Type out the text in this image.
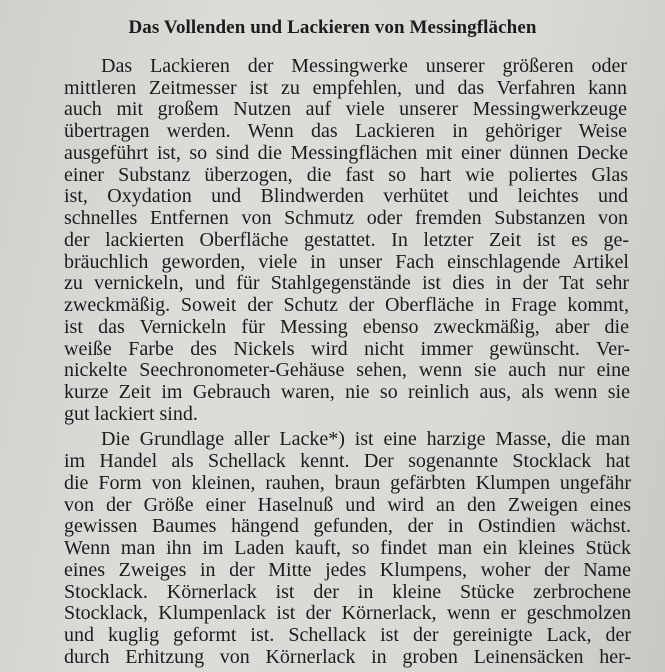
Das Vollenden und Lackieren von Messingflächen
Das Lackieren der Messingwerke unserer größeren oder
mittleren Zeitmesser ist zu empfehlen, und das Verfahren kann
auch mit großem Nutzen auf viele unserer Messingwerkzeuge
übertragen werden. Wenn das Lackieren in gehöriger Weise
ausgeführt ist, so sind die Messingflächen mit einer dünnen Decke
einer Substanz überzogen, die fast so hart wie poliertes Glas
ist, Oxydation und Blindwerden verhütet und leichtes und
schnelles Entfernen von Schmutz oder fremden Substanzen von
der lackierten Oberfläche gestattet. In letzter Zeit ist es ge-
bräuchlich geworden, viele in unser Fach einschlagende Artikel
zu vernickeln, und für Stahlgegenstände ist dies in der Tat sehr
zweckmäßig. Soweit der Schutz der Oberfläche in Frage kommt,
ist das Vernickeln für Messing ebenso zweckmäßig, aber die
weiße Farbe des Nickels wird nicht immer gewünscht. Ver-
nickelte Seechronometer-Gehäuse sehen, wenn sie auch nur eine
kurze Zeit im Gebrauch waren, nie so reinlich aus, als wenn sie
gut lackiert sind.
Die Grundlage aller Lacke*) ist eine harzige Masse, die man
im Handel als Schellack kennt. Der sogenannte Stocklack hat
die Form von kleinen, rauhen, braun gefärbten Klumpen ungefähr
von der Größe einer Haselnuß und wird an den Zweigen eines
gewissen Baumes hängend gefunden, der in Ostindien wächst.
Wenn man ihn im Laden kauft, so findet man ein kleines Stück
eines Zweiges in der Mitte jedes Klumpens, woher der Name
Stocklack. Körnerlack ist der in kleine Stücke zerbrochene
Stocklack, Klumpenlack ist der Körnerlack, wenn er geschmolzen
und kuglig geformt ist. Schellack ist der gereinigte Lack, der
durch Erhitzung von Körnerlack in groben Leinensäcken her-
